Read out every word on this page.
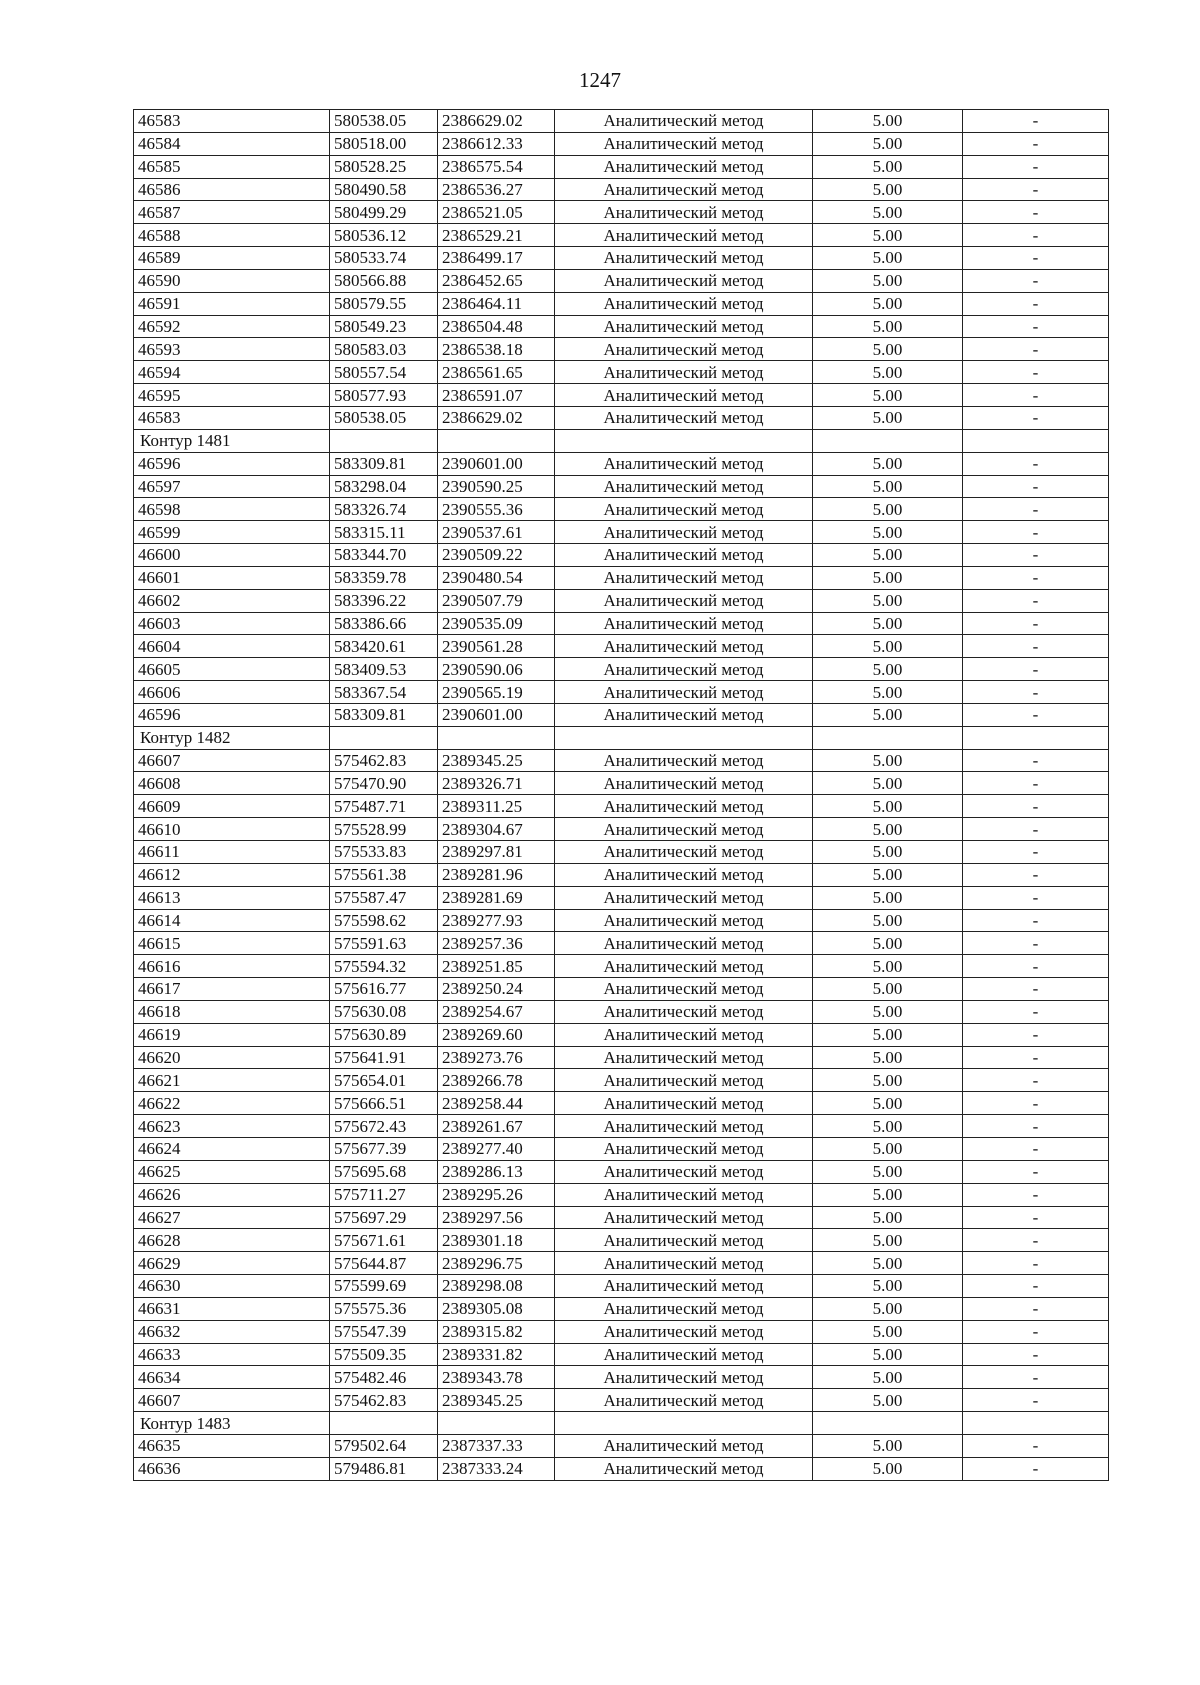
1247
46583	580538.05	2386629.02	Аналитический метод	5.00	-
46584	580518.00	2386612.33	Аналитический метод	5.00	-
46585	580528.25	2386575.54	Аналитический метод	5.00	-
46586	580490.58	2386536.27	Аналитический метод	5.00	-
46587	580499.29	2386521.05	Аналитический метод	5.00	-
46588	580536.12	2386529.21	Аналитический метод	5.00	-
46589	580533.74	2386499.17	Аналитический метод	5.00	-
46590	580566.88	2386452.65	Аналитический метод	5.00	-
46591	580579.55	2386464.11	Аналитический метод	5.00	-
46592	580549.23	2386504.48	Аналитический метод	5.00	-
46593	580583.03	2386538.18	Аналитический метод	5.00	-
46594	580557.54	2386561.65	Аналитический метод	5.00	-
46595	580577.93	2386591.07	Аналитический метод	5.00	-
46583	580538.05	2386629.02	Аналитический метод	5.00	-
Контур 1481					
46596	583309.81	2390601.00	Аналитический метод	5.00	-
46597	583298.04	2390590.25	Аналитический метод	5.00	-
46598	583326.74	2390555.36	Аналитический метод	5.00	-
46599	583315.11	2390537.61	Аналитический метод	5.00	-
46600	583344.70	2390509.22	Аналитический метод	5.00	-
46601	583359.78	2390480.54	Аналитический метод	5.00	-
46602	583396.22	2390507.79	Аналитический метод	5.00	-
46603	583386.66	2390535.09	Аналитический метод	5.00	-
46604	583420.61	2390561.28	Аналитический метод	5.00	-
46605	583409.53	2390590.06	Аналитический метод	5.00	-
46606	583367.54	2390565.19	Аналитический метод	5.00	-
46596	583309.81	2390601.00	Аналитический метод	5.00	-
Контур 1482					
46607	575462.83	2389345.25	Аналитический метод	5.00	-
46608	575470.90	2389326.71	Аналитический метод	5.00	-
46609	575487.71	2389311.25	Аналитический метод	5.00	-
46610	575528.99	2389304.67	Аналитический метод	5.00	-
46611	575533.83	2389297.81	Аналитический метод	5.00	-
46612	575561.38	2389281.96	Аналитический метод	5.00	-
46613	575587.47	2389281.69	Аналитический метод	5.00	-
46614	575598.62	2389277.93	Аналитический метод	5.00	-
46615	575591.63	2389257.36	Аналитический метод	5.00	-
46616	575594.32	2389251.85	Аналитический метод	5.00	-
46617	575616.77	2389250.24	Аналитический метод	5.00	-
46618	575630.08	2389254.67	Аналитический метод	5.00	-
46619	575630.89	2389269.60	Аналитический метод	5.00	-
46620	575641.91	2389273.76	Аналитический метод	5.00	-
46621	575654.01	2389266.78	Аналитический метод	5.00	-
46622	575666.51	2389258.44	Аналитический метод	5.00	-
46623	575672.43	2389261.67	Аналитический метод	5.00	-
46624	575677.39	2389277.40	Аналитический метод	5.00	-
46625	575695.68	2389286.13	Аналитический метод	5.00	-
46626	575711.27	2389295.26	Аналитический метод	5.00	-
46627	575697.29	2389297.56	Аналитический метод	5.00	-
46628	575671.61	2389301.18	Аналитический метод	5.00	-
46629	575644.87	2389296.75	Аналитический метод	5.00	-
46630	575599.69	2389298.08	Аналитический метод	5.00	-
46631	575575.36	2389305.08	Аналитический метод	5.00	-
46632	575547.39	2389315.82	Аналитический метод	5.00	-
46633	575509.35	2389331.82	Аналитический метод	5.00	-
46634	575482.46	2389343.78	Аналитический метод	5.00	-
46607	575462.83	2389345.25	Аналитический метод	5.00	-
Контур 1483					
46635	579502.64	2387337.33	Аналитический метод	5.00	-
46636	579486.81	2387333.24	Аналитический метод	5.00	-
